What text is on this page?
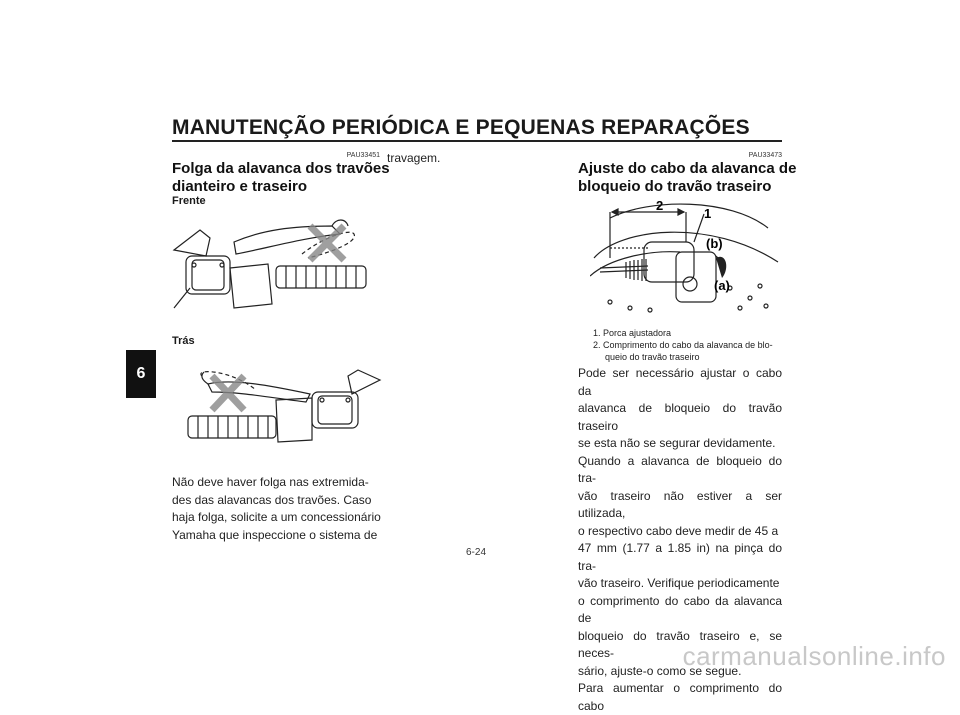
MANUTENÇÃO PERIÓDICA E PEQUENAS REPARAÇÕES
6
PAU33451
Folga da alavanca dos travões
dianteiro e traseiro
Frente
Trás
Não deve haver folga nas extremida-
des das alavancas dos travões. Caso
haja folga, solicite a um concessionário
Yamaha que inspeccione o sistema de
travagem.	PAU33473
Ajuste do cabo da alavanca de
bloqueio do travão traseiro
2
1
(b)
(a)
1. Porca ajustadora
2. Comprimento do cabo da alavanca de blo-
queio do travão traseiro
Pode ser necessário ajustar o cabo da
alavanca de bloqueio do travão traseiro
se esta não se segurar devidamente.
Quando a alavanca de bloqueio do tra-
vão traseiro não estiver a ser utilizada,
o respectivo cabo deve medir de 45 a
47 mm (1.77 a 1.85 in) na pinça do tra-
vão traseiro. Verifique periodicamente
o comprimento do cabo da alavanca de
bloqueio do travão traseiro e, se neces-
sário, ajuste-o como se segue.
Para aumentar o comprimento do cabo
6-24
carmanualsonline.info
